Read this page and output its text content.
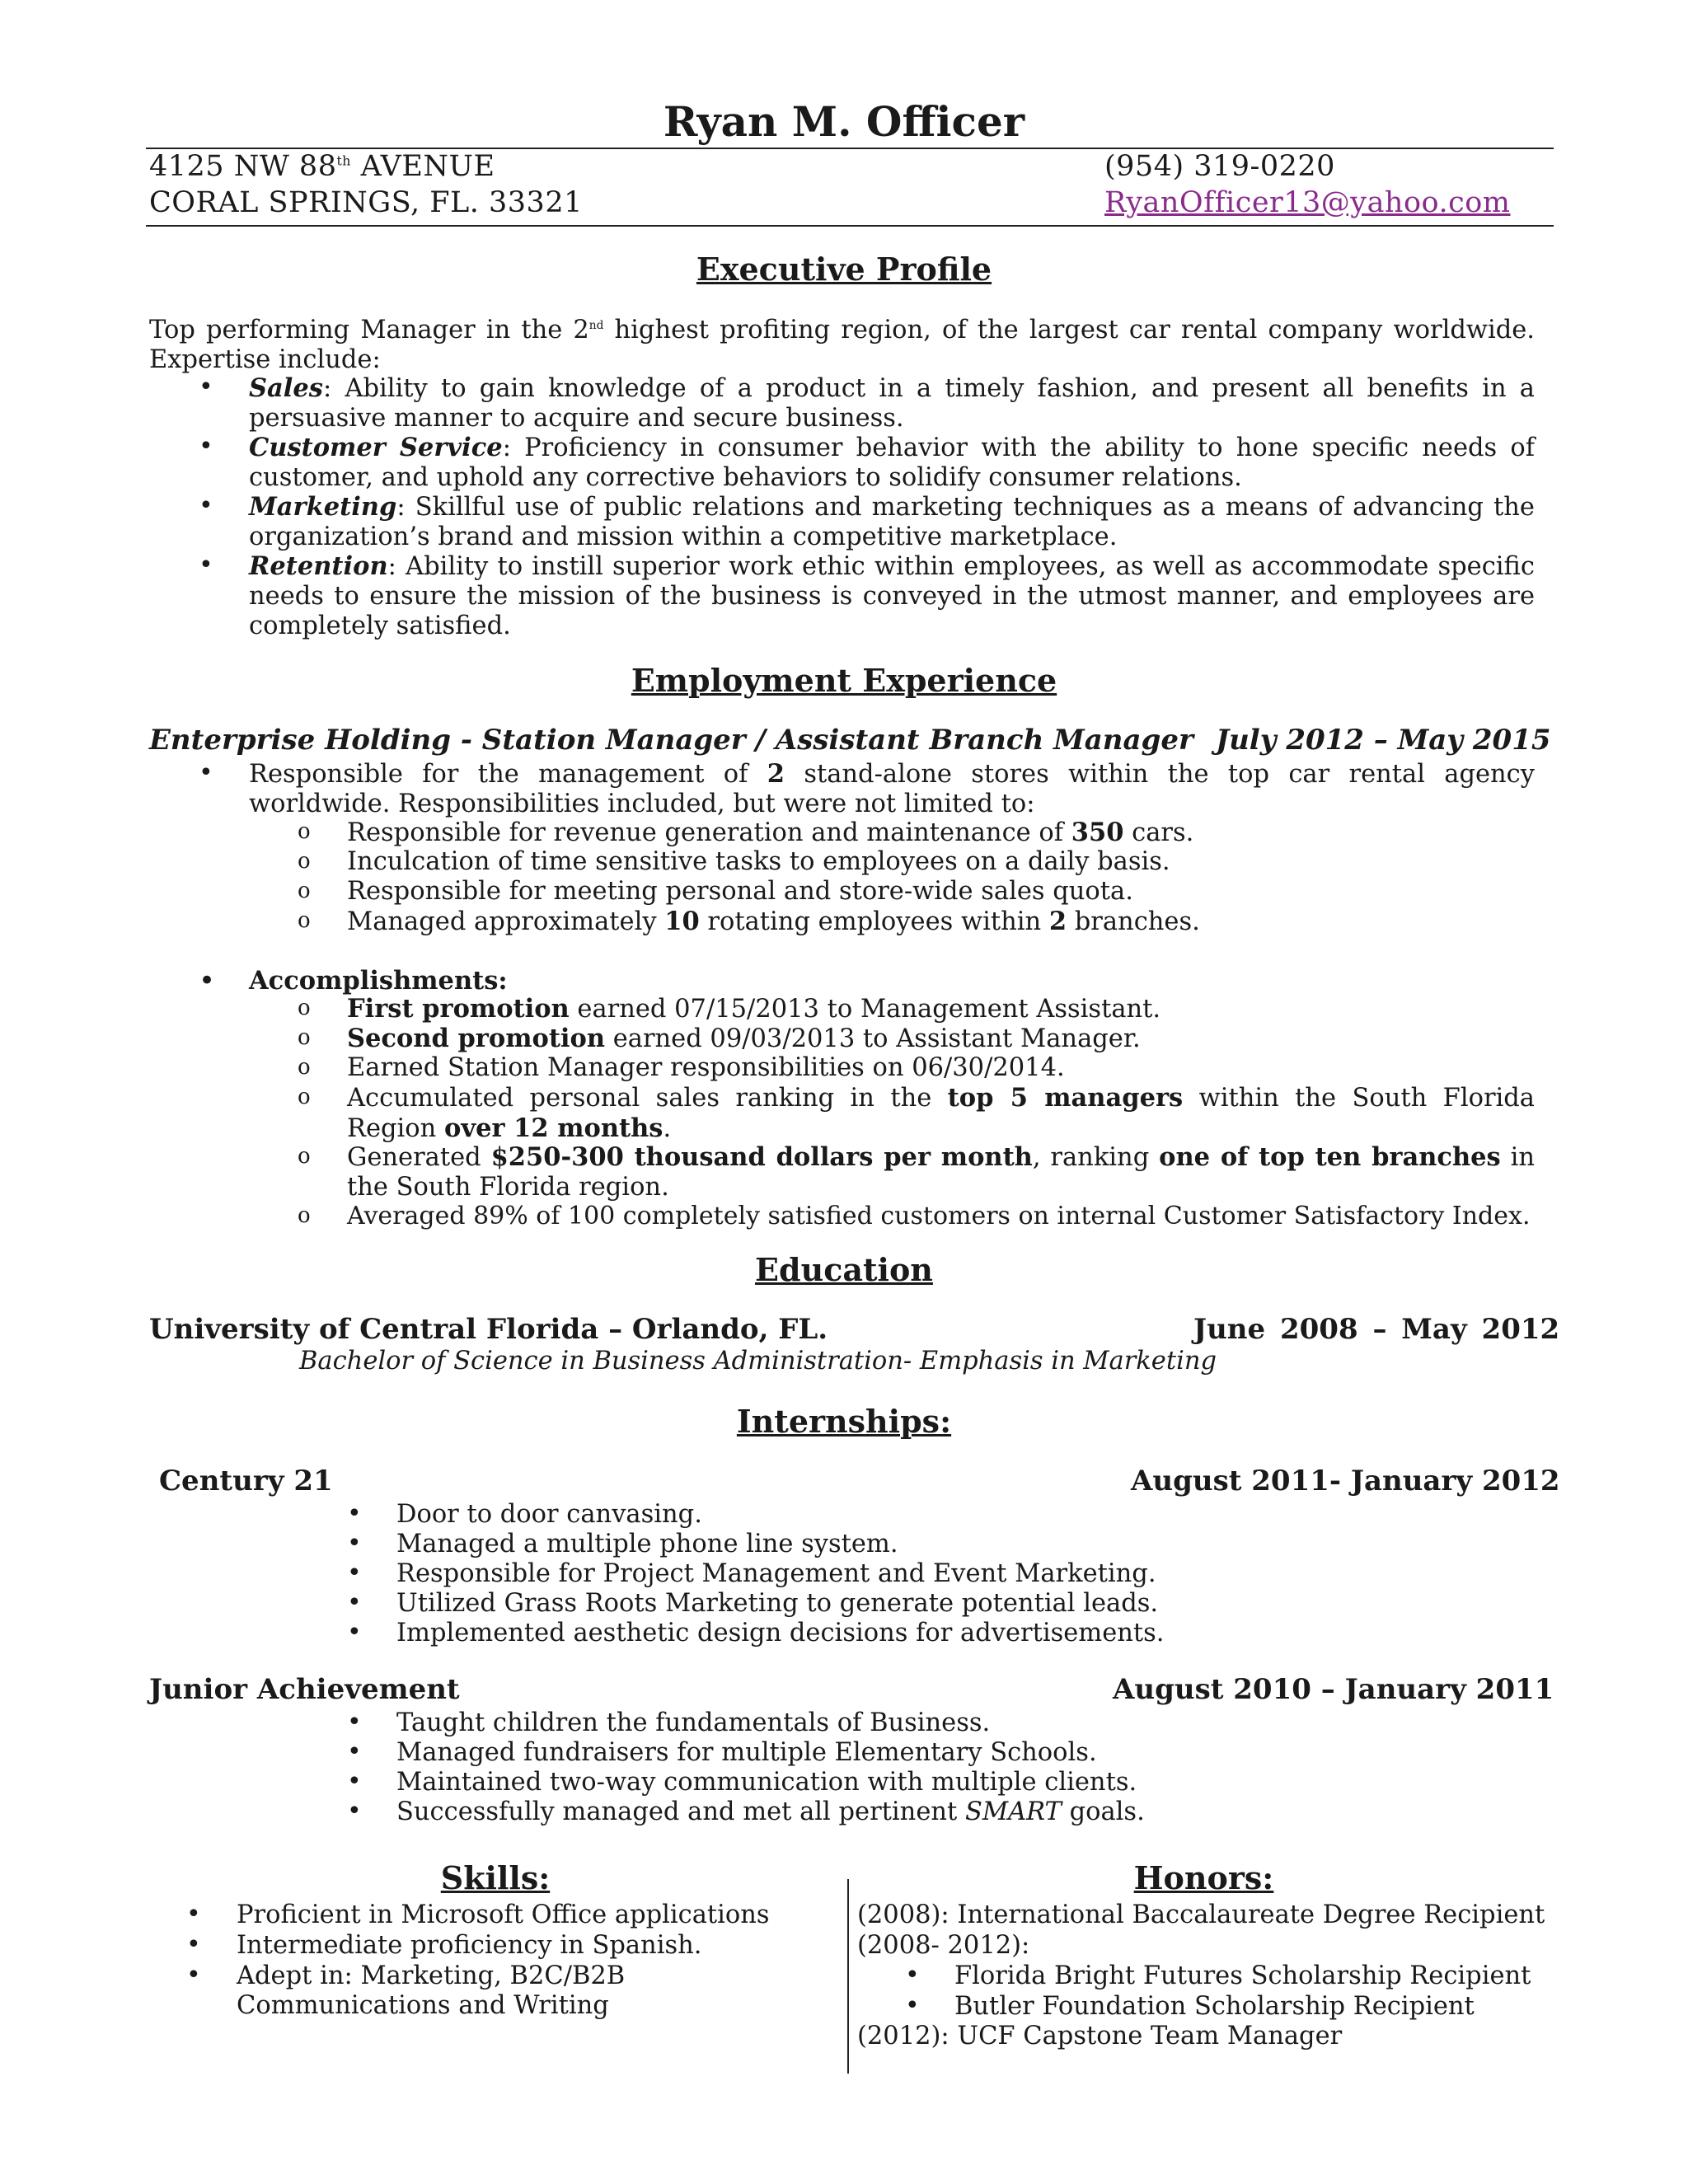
Ryan M. Officer
4125 NW 88th AVENUE	(954) 319-0220
CORAL SPRINGS, FL. 33321	RyanOfficer13@yahoo.com
Executive Profile
Top performing Manager in the 2nd highest profiting region, of the largest car rental company worldwide. Expertise include:
• Sales: Ability to gain knowledge of a product in a timely fashion, and present all benefits in a persuasive manner to acquire and secure business.
• Customer Service: Proficiency in consumer behavior with the ability to hone specific needs of customer, and uphold any corrective behaviors to solidify consumer relations.
• Marketing: Skillful use of public relations and marketing techniques as a means of advancing the organization’s brand and mission within a competitive marketplace.
• Retention: Ability to instill superior work ethic within employees, as well as accommodate specific needs to ensure the mission of the business is conveyed in the utmost manner, and employees are completely satisfied.
Employment Experience
Enterprise Holding - Station Manager / Assistant Branch Manager July 2012 – May 2015
• Responsible for the management of 2 stand-alone stores within the top car rental agency worldwide. Responsibilities included, but were not limited to:
o Responsible for revenue generation and maintenance of 350 cars.
o Inculcation of time sensitive tasks to employees on a daily basis.
o Responsible for meeting personal and store-wide sales quota.
o Managed approximately 10 rotating employees within 2 branches.
• Accomplishments:
o First promotion earned 07/15/2013 to Management Assistant.
o Second promotion earned 09/03/2013 to Assistant Manager.
o Earned Station Manager responsibilities on 06/30/2014.
o Accumulated personal sales ranking in the top 5 managers within the South Florida Region over 12 months.
o Generated $250-300 thousand dollars per month, ranking one of top ten branches in the South Florida region.
o Averaged 89% of 100 completely satisfied customers on internal Customer Satisfactory Index.
Education
University of Central Florida – Orlando, FL.	June 2008 – May 2012
Bachelor of Science in Business Administration- Emphasis in Marketing
Internships:
Century 21	August 2011- January 2012
• Door to door canvasing.
• Managed a multiple phone line system.
• Responsible for Project Management and Event Marketing.
• Utilized Grass Roots Marketing to generate potential leads.
• Implemented aesthetic design decisions for advertisements.
Junior Achievement	August 2010 – January 2011
• Taught children the fundamentals of Business.
• Managed fundraisers for multiple Elementary Schools.
• Maintained two-way communication with multiple clients.
• Successfully managed and met all pertinent SMART goals.
Skills:
• Proficient in Microsoft Office applications
• Intermediate proficiency in Spanish.
• Adept in: Marketing, B2C/B2B Communications and Writing
Honors:
(2008): International Baccalaureate Degree Recipient
(2008- 2012):
• Florida Bright Futures Scholarship Recipient
• Butler Foundation Scholarship Recipient
(2012): UCF Capstone Team Manager
